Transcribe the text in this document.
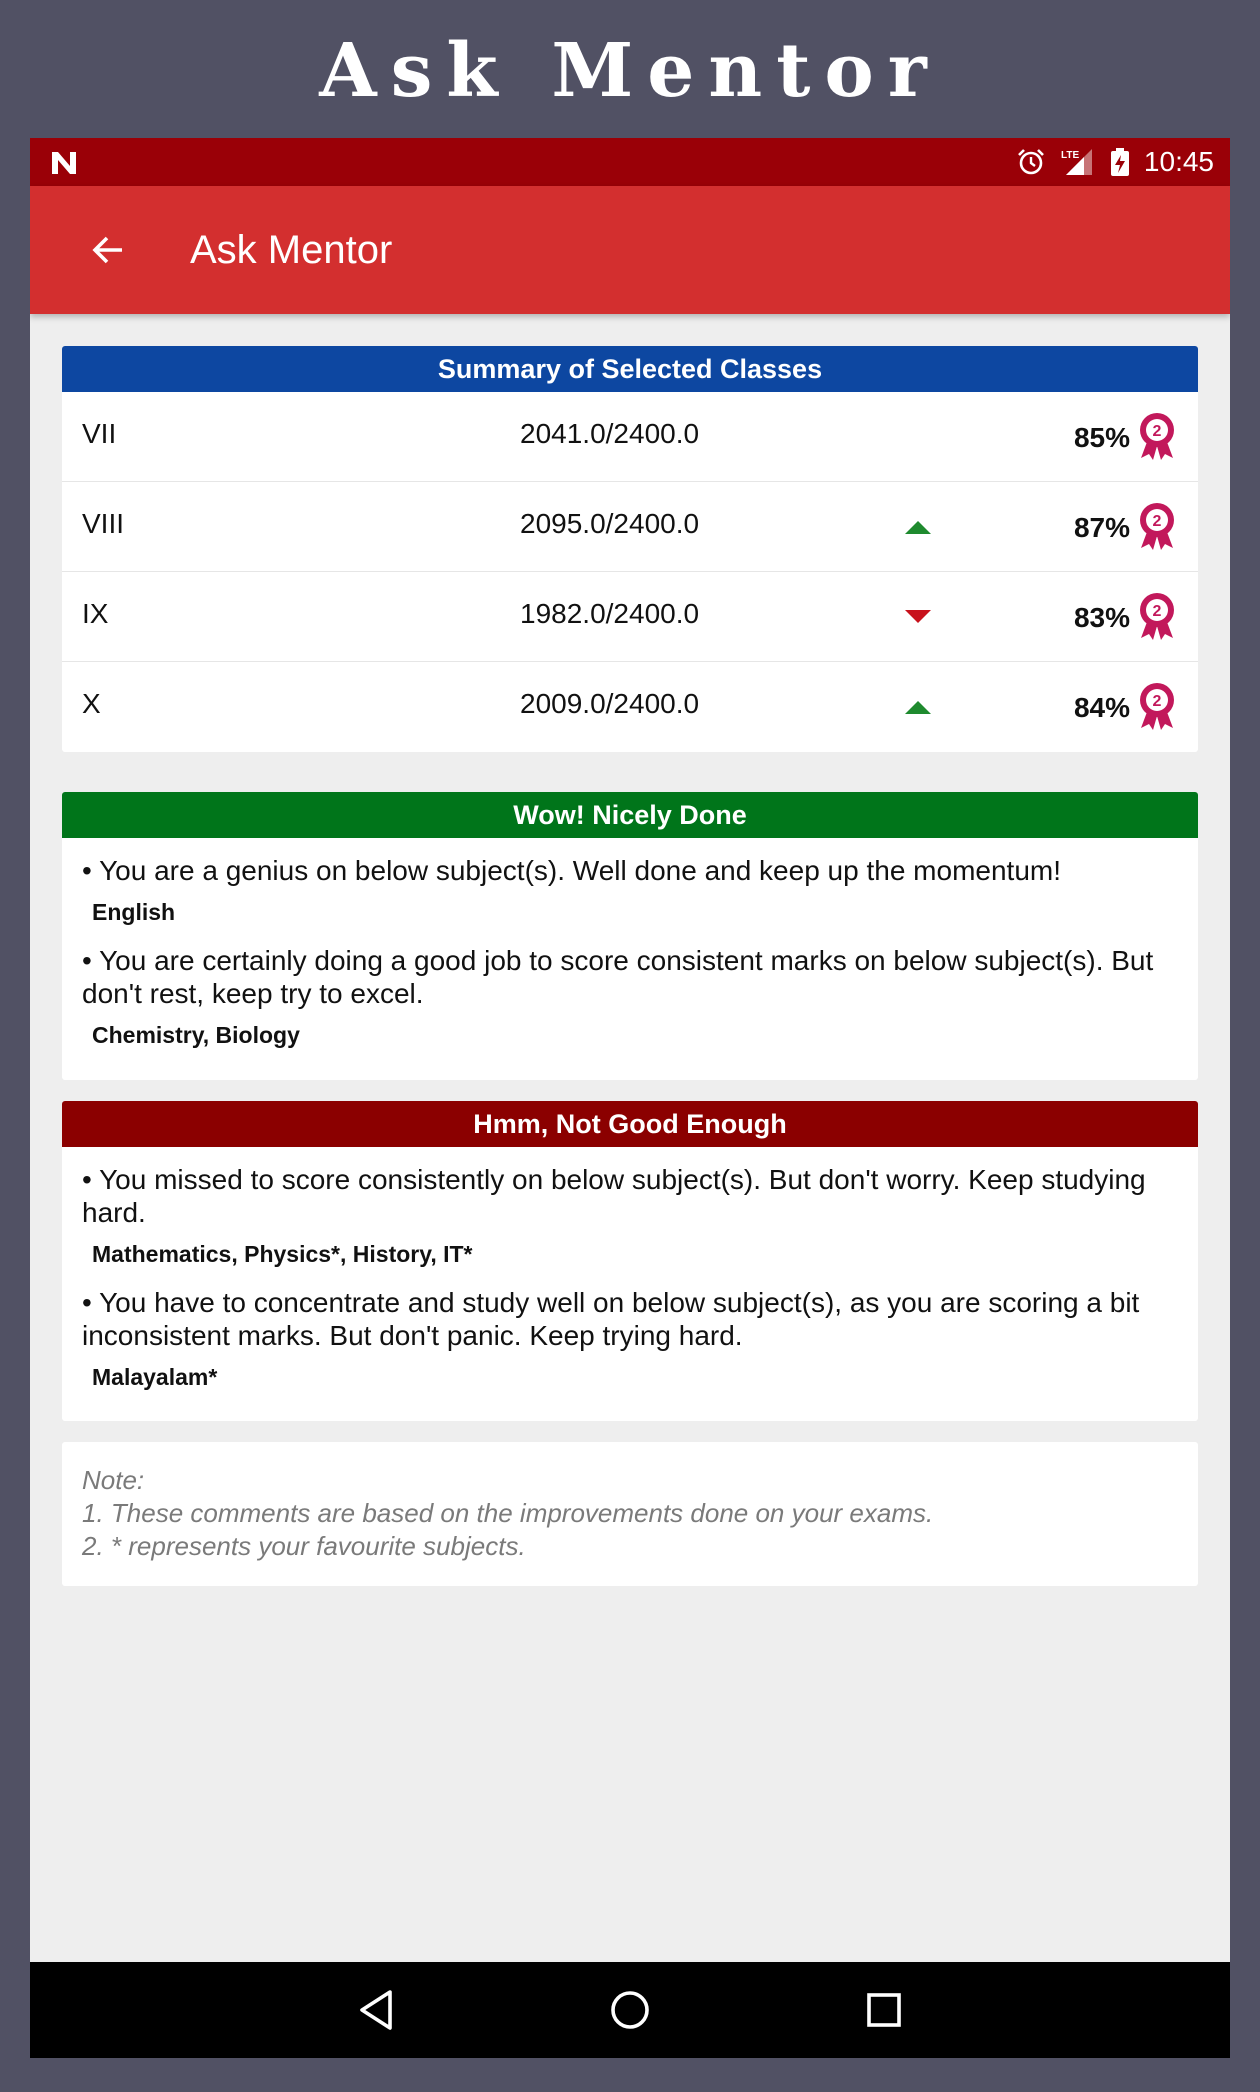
Ask Mentor
LTE 10:45
Ask Mentor
Summary of Selected Classes
VII	2041.0/2400.0	85% 2
VIII	2095.0/2400.0	87% 2
IX	1982.0/2400.0	83% 2
X	2009.0/2400.0	84% 2
Wow! Nicely Done
• You are a genius on below subject(s). Well done and keep up the momentum!
English
• You are certainly doing a good job to score consistent marks on below subject(s). But don't rest, keep try to excel.
Chemistry, Biology
Hmm, Not Good Enough
• You missed to score consistently on below subject(s). But don't worry. Keep studying hard.
Mathematics, Physics*, History, IT*
• You have to concentrate and study well on below subject(s), as you are scoring a bit inconsistent marks. But don't panic. Keep trying hard.
Malayalam*
Note:
1. These comments are based on the improvements done on your exams.
2. * represents your favourite subjects.
